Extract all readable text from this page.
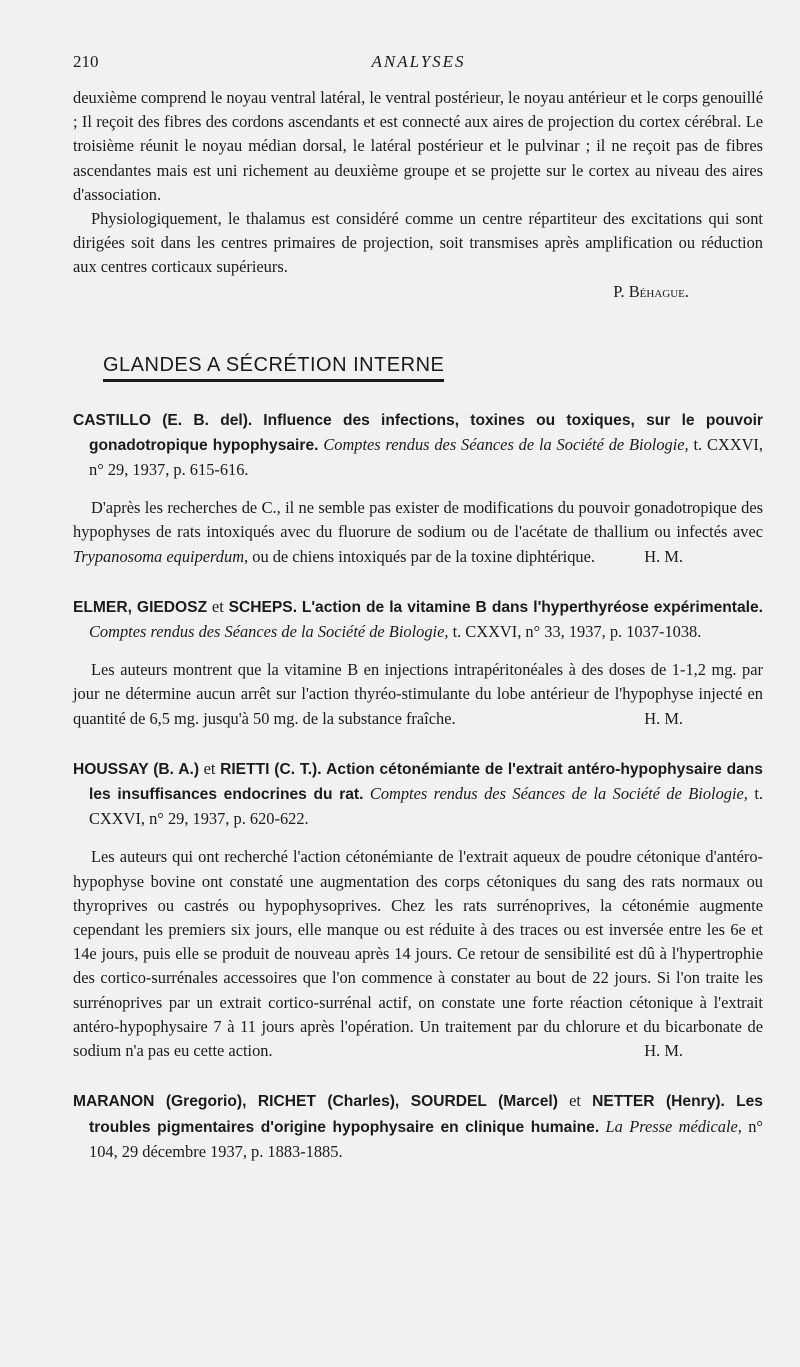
210	ANALYSES

deuxième comprend le noyau ventral latéral, le ventral postérieur, le noyau antérieur et le corps genouillé ; Il reçoit des fibres des cordons ascendants et est connecté aux aires de projection du cortex cérébral. Le troisième réunit le noyau médian dorsal, le latéral postérieur et le pulvinar ; il ne reçoit pas de fibres ascendantes mais est uni richement au deuxième groupe et se projette sur le cortex au niveau des aires d'association.

Physiologiquement, le thalamus est considéré comme un centre répartiteur des excitations qui sont dirigées soit dans les centres primaires de projection, soit transmises après amplification ou réduction aux centres corticaux supérieurs.

P. Béhague.
GLANDES A SÉCRÉTION INTERNE
CASTILLO (E. B. del). Influence des infections, toxines ou toxiques, sur le pouvoir gonadotropique hypophysaire. Comptes rendus des Séances de la Société de Biologie, t. CXXVI, n° 29, 1937, p. 615-616.

D'après les recherches de C., il ne semble pas exister de modifications du pouvoir gonadotropique des hypophyses de rats intoxiqués avec du fluorure de sodium ou de l'acétate de thallium ou infectés avec Trypanosoma equiperdum, ou de chiens intoxiqués par de la toxine diphtérique.	H. M.

ELMER, GIEDOSZ et SCHEPS. L'action de la vitamine B dans l'hyperthyréose expérimentale. Comptes rendus des Séances de la Société de Biologie, t. CXXVI, n° 33, 1937, p. 1037-1038.

Les auteurs montrent que la vitamine B en injections intrapéritonéales à des doses de 1-1,2 mg. par jour ne détermine aucun arrêt sur l'action thyréo-stimulante du lobe antérieur de l'hypophyse injecté en quantité de 6,5 mg. jusqu'à 50 mg. de la substance fraîche.	H. M.

HOUSSAY (B. A.) et RIETTI (C. T.). Action cétonémiante de l'extrait antéro-hypophysaire dans les insuffisances endocrines du rat. Comptes rendus des Séances de la Société de Biologie, t. CXXVI, n° 29, 1937, p. 620-622.

Les auteurs qui ont recherché l'action cétonémiante de l'extrait aqueux de poudre cétonique d'antéro-hypophyse bovine ont constaté une augmentation des corps cétoniques du sang des rats normaux ou thyroprives ou castrés ou hypophysoprives. Chez les rats surrénoprives, la cétonémie augmente cependant les premiers six jours, elle manque ou est réduite à des traces ou est inversée entre les 6e et 14e jours, puis elle se produit de nouveau après 14 jours. Ce retour de sensibilité est dû à l'hypertrophie des cortico-surrénales accessoires que l'on commence à constater au bout de 22 jours. Si l'on traite les surrénoprives par un extrait cortico-surrénal actif, on constate une forte réaction cétonique à l'extrait antéro-hypophysaire 7 à 11 jours après l'opération. Un traitement par du chlorure et du bicarbonate de sodium n'a pas eu cette action.	H. M.

MARANON (Gregorio), RICHET (Charles), SOURDEL (Marcel) et NETTER (Henry). Les troubles pigmentaires d'origine hypophysaire en clinique humaine. La Presse médicale, n° 104, 29 décembre 1937, p. 1883-1885.
